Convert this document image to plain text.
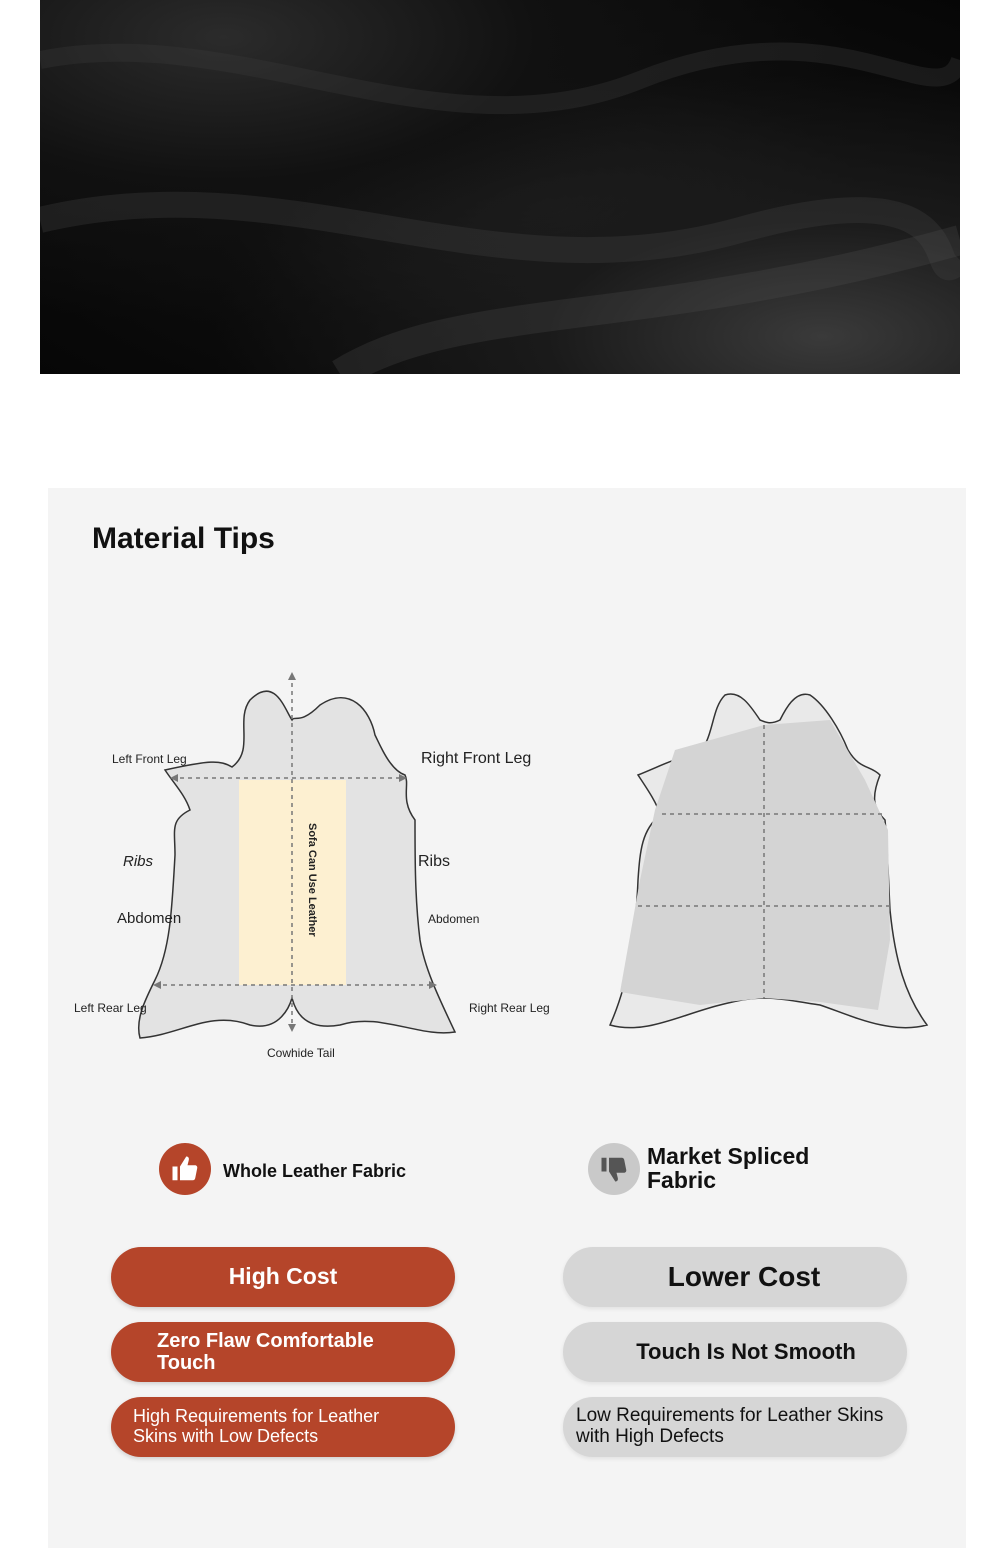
Material Tips
Left Front Leg	Right Front Leg
Ribs	Ribs
Abdomen	Abdomen
Left Rear Leg	Right Rear Leg
Cowhide Tail
Sofa Can Use Leather
Whole Leather Fabric
Market Spliced Fabric
High Cost
Zero Flaw Comfortable Touch
High Requirements for Leather Skins with Low Defects
Lower Cost
Touch Is Not Smooth
Low Requirements for Leather Skins with High Defects
